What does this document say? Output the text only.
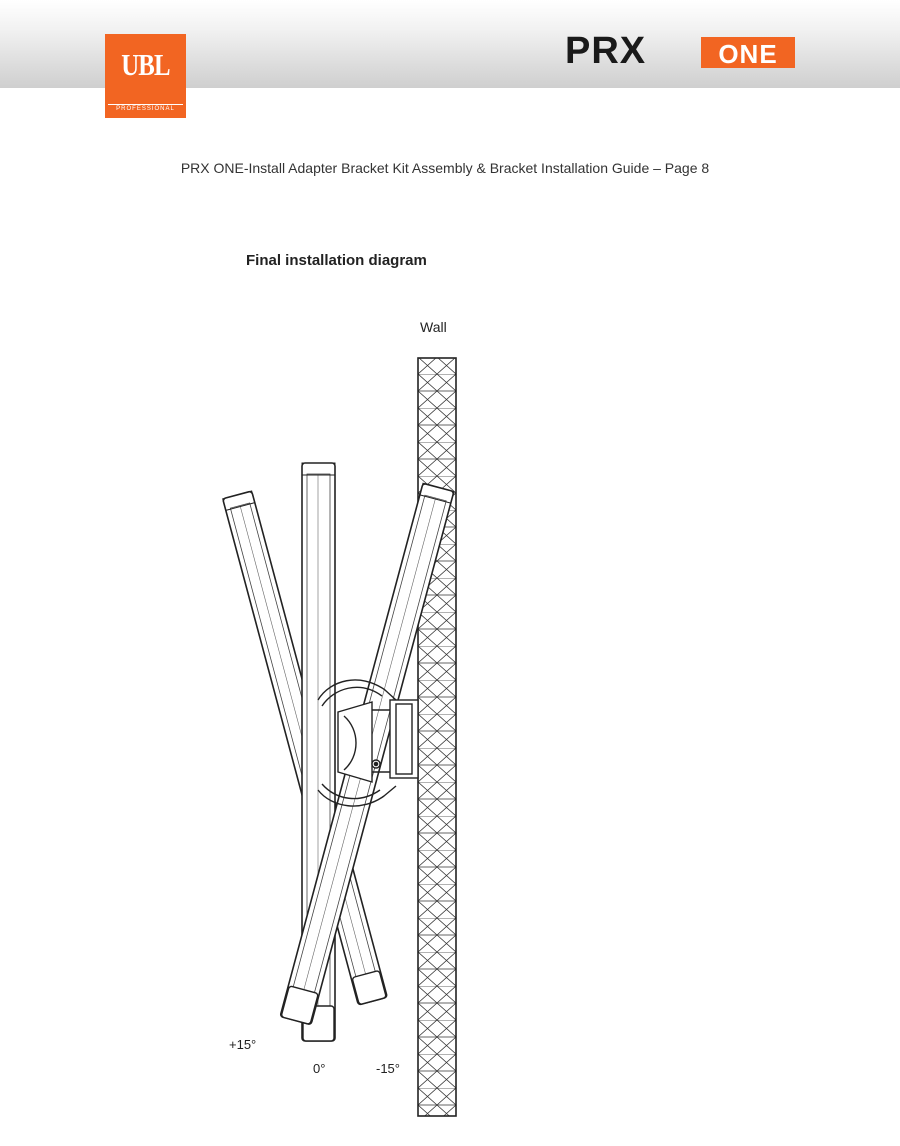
UBL
PROFESSIONAL
PRX	ONE
PRX ONE-Install Adapter Bracket Kit Assembly & Bracket Installation Guide – Page 8
Final installation diagram
Wall
+15°
0°	-15°
